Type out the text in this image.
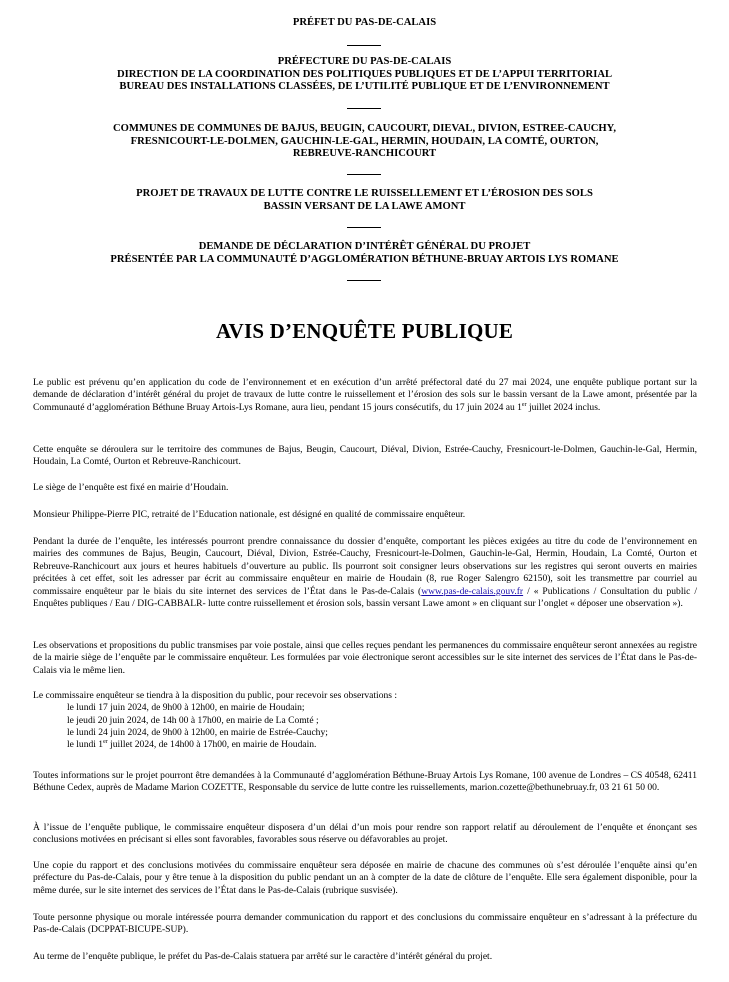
PRÉFET DU PAS-DE-CALAIS
PRÉFECTURE DU PAS-DE-CALAIS
DIRECTION DE LA COORDINATION DES POLITIQUES PUBLIQUES ET DE L’APPUI TERRITORIAL
BUREAU DES INSTALLATIONS CLASSÉES, DE L’UTILITÉ PUBLIQUE ET DE L’ENVIRONNEMENT
COMMUNES DE COMMUNES DE BAJUS, BEUGIN, CAUCOURT, DIEVAL, DIVION, ESTREE-CAUCHY,
FRESNICOURT-LE-DOLMEN, GAUCHIN-LE-GAL, HERMIN, HOUDAIN, LA COMTÉ, OURTON,
REBREUVE-RANCHICOURT
PROJET DE TRAVAUX DE LUTTE CONTRE LE RUISSELLEMENT ET L’ÉROSION DES SOLS
BASSIN VERSANT DE LA LAWE AMONT
DEMANDE DE DÉCLARATION D’INTÉRÊT GÉNÉRAL DU PROJET
PRÉSENTÉE PAR LA COMMUNAUTÉ D’AGGLOMÉRATION BÉTHUNE-BRUAY ARTOIS LYS ROMANE
AVIS D’ENQUÊTE PUBLIQUE

Le public est prévenu qu’en application du code de l’environnement et en exécution d’un arrêté préfectoral daté du 27 mai 2024, une enquête publique portant sur la demande de déclaration d’intérêt général du projet de travaux de lutte contre le ruissellement et l’érosion des sols sur le bassin versant de la Lawe amont, présentée par la Communauté d’agglomération Béthune Bruay Artois-Lys Romane, aura lieu, pendant 15 jours consécutifs, du 17 juin 2024 au 1er juillet 2024 inclus.

Cette enquête se déroulera sur le territoire des communes de Bajus, Beugin, Caucourt, Diéval, Divion, Estrée-Cauchy, Fresnicourt-le-Dolmen, Gauchin-le-Gal, Hermin, Houdain, La Comté, Ourton et Rebreuve-Ranchicourt.

Le siège de l’enquête est fixé en mairie d’Houdain.

Monsieur Philippe-Pierre PIC, retraité de l’Education nationale, est désigné en qualité de commissaire enquêteur.

Pendant la durée de l’enquête, les intéressés pourront prendre connaissance du dossier d’enquête, comportant les pièces exigées au titre du code de l’environnement en mairies des communes de Bajus, Beugin, Caucourt, Diéval, Divion, Estrée-Cauchy, Fresnicourt-le-Dolmen, Gauchin-le-Gal, Hermin, Houdain, La Comté, Ourton et Rebreuve-Ranchicourt aux jours et heures habituels d’ouverture au public. Ils pourront soit consigner leurs observations sur les registres qui seront ouverts en mairies précitées à cet effet, soit les adresser par écrit au commissaire enquêteur en mairie de Houdain (8, rue Roger Salengro 62150), soit les transmettre par courriel au commissaire enquêteur par le biais du site internet des services de l’État dans le Pas-de-Calais (www.pas-de-calais.gouv.fr / « Publications / Consultation du public / Enquêtes publiques / Eau / DIG-CABBALR- lutte contre ruissellement et érosion sols, bassin versant Lawe amont » en cliquant sur l’onglet « déposer une observation »).

Les observations et propositions du public transmises par voie postale, ainsi que celles reçues pendant les permanences du commissaire enquêteur seront annexées au registre de la mairie siège de l’enquête par le commissaire enquêteur. Les formulées par voie électronique seront accessibles sur le site internet des services de l’État dans le Pas-de-Calais via le même lien.

Le commissaire enquêteur se tiendra à la disposition du public, pour recevoir ses observations :
le lundi 17 juin 2024, de 9h00 à 12h00, en mairie de Houdain;
le jeudi 20 juin 2024, de 14h 00 à 17h00, en mairie de La Comté ;
le lundi 24 juin 2024, de 9h00 à 12h00, en mairie de Estrée-Cauchy;
le lundi 1er juillet 2024, de 14h00 à 17h00, en mairie de Houdain.

Toutes informations sur le projet pourront être demandées à la Communauté d’agglomération Béthune-Bruay Artois Lys Romane, 100 avenue de Londres – CS 40548, 62411 Béthune Cedex, auprès de Madame Marion COZETTE, Responsable du service de lutte contre les ruissellements, marion.cozette@bethunebruay.fr, 03 21 61 50 00.

À l’issue de l’enquête publique, le commissaire enquêteur disposera d’un délai d’un mois pour rendre son rapport relatif au déroulement de l’enquête et énonçant ses conclusions motivées en précisant si elles sont favorables, favorables sous réserve ou défavorables au projet.

Une copie du rapport et des conclusions motivées du commissaire enquêteur sera déposée en mairie de chacune des communes où s’est déroulée l’enquête ainsi qu’en préfecture du Pas-de-Calais, pour y être tenue à la disposition du public pendant un an à compter de la date de clôture de l’enquête. Elle sera également disponible, pour la même durée, sur le site internet des services de l’État dans le Pas-de-Calais (rubrique susvisée).

Toute personne physique ou morale intéressée pourra demander communication du rapport et des conclusions du commissaire enquêteur en s’adressant à la préfecture du Pas-de-Calais (DCPPAT-BICUPE-SUP).

Au terme de l’enquête publique, le préfet du Pas-de-Calais statuera par arrêté sur le caractère d’intérêt général du projet.
